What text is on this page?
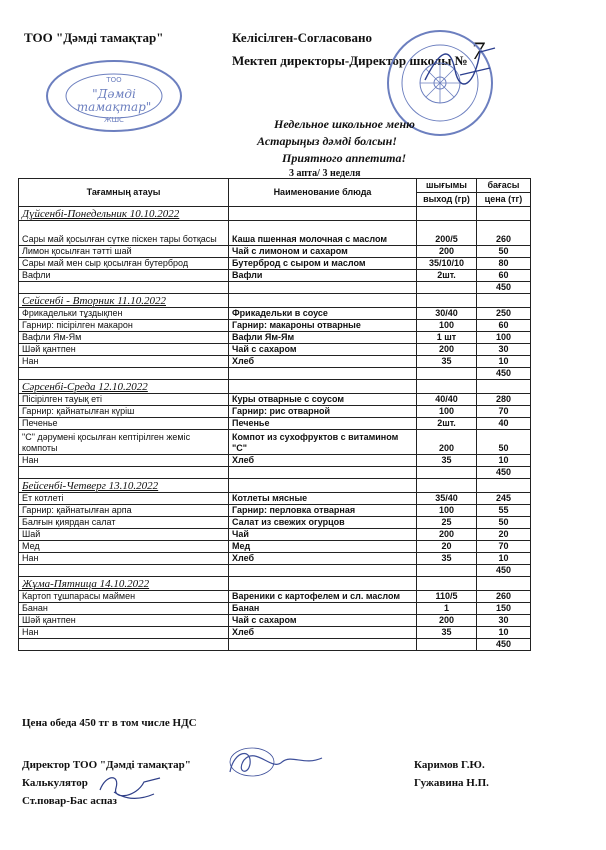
ТОО "Дәмді тамақтар"	Келісілген-Согласовано
Мектеп директоры-Директор школы № 7
ТОО
"Дәмді
тамақтар"
ЖШС	Недельное школьное меню
Астарыңыз дәмді болсын!
Приятного аппетита!
3 апта/ 3 неделя
Тағамның атауы	Наименование блюда	шығымы	бағасы
		выход (гр)	цена (тг)
Дүйсенбі-Понедельник 10.10.2022			
Сары май қосылған сүтке піскен тары ботқасы	Каша пшенная молочная с маслом	200/5	260
Лимон қосылған тәтті шай	Чай с лимоном и сахаром	200	50
Сары май мен сыр қосылған бутерброд	Бутерброд с сыром и маслом	35/10/10	80
Вафли	Вафли	2шт.	60
			450
Сейсенбі - Вторник 11.10.2022			
Фрикадельки тұздықпен	Фрикадельки в соусе	30/40	250
Гарнир: пісірілген макарон	Гарнир: макароны отварные	100	60
Вафли Ям-Ям	Вафли Ям-Ям	1 шт	100
Шәй қантпен	Чай с сахаром	200	30
Нан	Хлеб	35	10
			450
Сәрсенбі-Среда 12.10.2022			
Пісірілген тауық еті	Куры отварные с соусом	40/40	280
Гарнир: қайнатылған күріш	Гарнир: рис отварной	100	70
Печенье	Печенье	2шт.	40
"С" дәрумені қосылған кептірілген жеміс компоты	Компот из сухофруктов с витамином "С"	200	50
Нан	Хлеб	35	10
			450
Бейсенбі-Четверг 13.10.2022			
Ет котлеті	Котлеты мясные	35/40	245
Гарнир: қайнатылған арпа	Гарнир: перловка отварная	100	55
Балғын қиярдан салат	Салат из свежих огурцов	25	50
Шай	Чай	200	20
Мед	Мед	20	70
Нан	Хлеб	35	10
			450
Жұма-Пятница 14.10.2022			
Картоп тұшпарасы маймен	Вареники с картофелем и сл. маслом	110/5	260
Банан	Банан	1	150
Шәй қантпен	Чай с сахаром	200	30
Нан	Хлеб	35	10
			450
Цена обеда 450 тг в том числе НДС
Директор ТОО "Дәмді тамақтар"
Калькулятор
Ст.повар-Бас аспаз
Каримов Г.Ю.
Гужавина Н.П.
